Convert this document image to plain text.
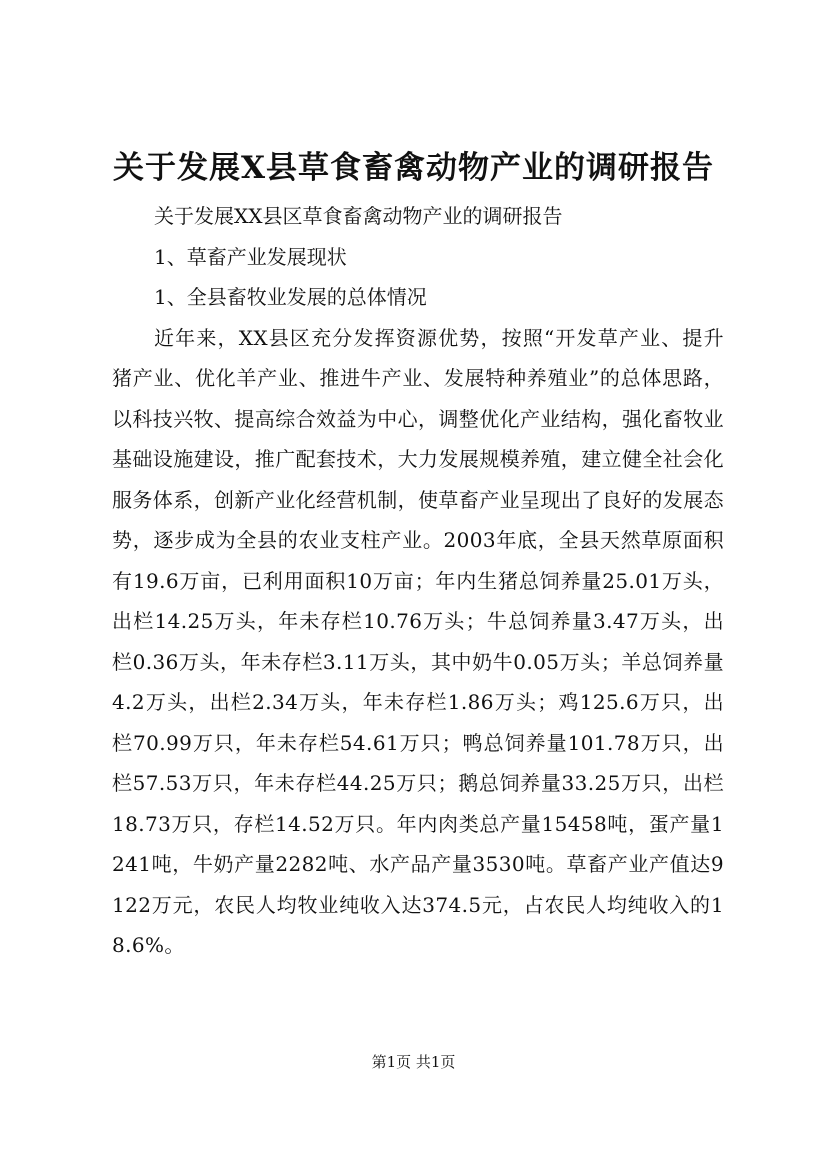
关于发展X县草食畜禽动物产业的调研报告

关于发展XX县区草食畜禽动物产业的调研报告

1、草畜产业发展现状

1、全县畜牧业发展的总体情况

近年来，XX县区充分发挥资源优势，按照“开发草产业、提升猪产业、优化羊产业、推进牛产业、发展特种养殖业”的总体思路，以科技兴牧、提高综合效益为中心，调整优化产业结构，强化畜牧业基础设施建设，推广配套技术，大力发展规模养殖，建立健全社会化服务体系，创新产业化经营机制，使草畜产业呈现出了良好的发展态势，逐步成为全县的农业支柱产业。2003年底，全县天然草原面积有19.6万亩，已利用面积10万亩；年内生猪总饲养量25.01万头，出栏14.25万头，年未存栏10.76万头；牛总饲养量3.47万头，出栏0.36万头，年未存栏3.11万头，其中奶牛0.05万头；羊总饲养量4.2万头，出栏2.34万头，年未存栏1.86万头；鸡125.6万只，出栏70.99万只，年未存栏54.61万只；鸭总饲养量101.78万只，出栏57.53万只，年未存栏44.25万只；鹅总饲养量33.25万只，出栏18.73万只，存栏14.52万只。年内肉类总产量15458吨，蛋产量1241吨，牛奶产量2282吨、水产品产量3530吨。草畜产业产值达9122万元，农民人均牧业纯收入达374.5元，占农民人均纯收入的18.6%。

第1页 共1页
